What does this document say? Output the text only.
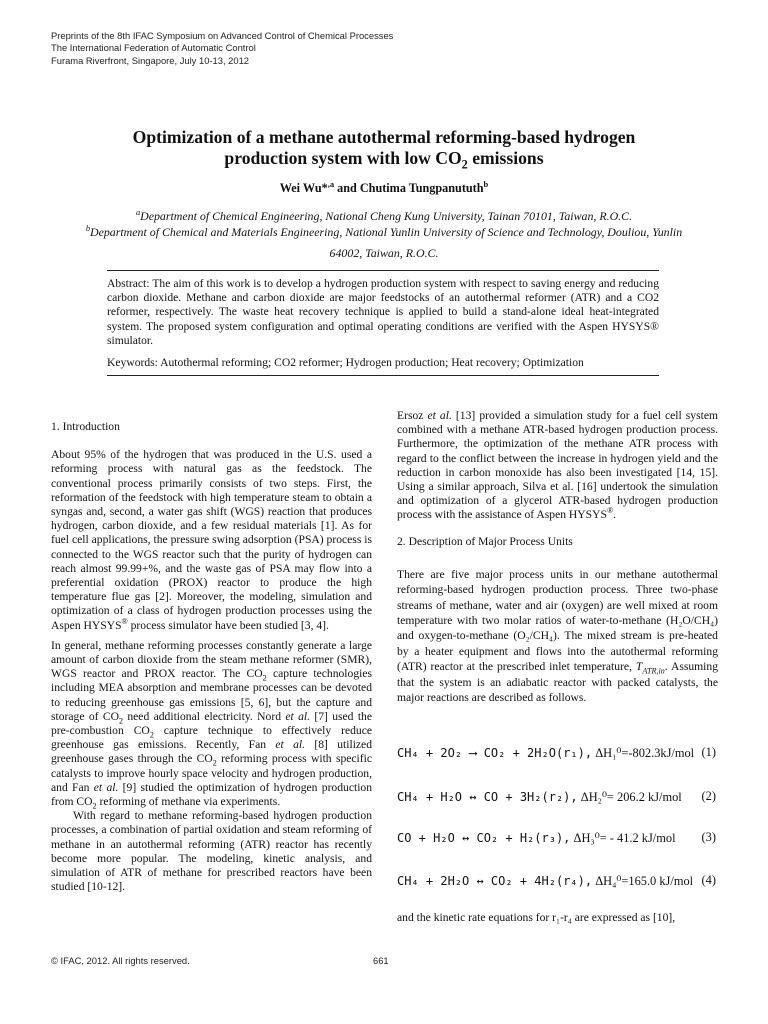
Preprints of the 8th IFAC Symposium on Advanced Control of Chemical Processes
The International Federation of Automatic Control
Furama Riverfront, Singapore, July 10-13, 2012
Optimization of a methane autothermal reforming-based hydrogen
production system with low $CO_2$ emissions
Wei Wu*$^{,a}$ and Chutima Tungpanututh$^b$
$^a$Department of Chemical Engineering, National Cheng Kung University, Tainan 70101, Taiwan, R.O.C.
$^b$Department of Chemical and Materials Engineering, National Yunlin University of Science and Technology, Douliou, Yunlin
64002, Taiwan, R.O.C.

Abstract: The aim of this work is to develop a hydrogen production system with respect to saving energy and reducing carbon dioxide. Methane and carbon dioxide are major feedstocks of an autothermal reformer (ATR) and a CO2 reformer, respectively. The waste heat recovery technique is applied to build a stand-alone ideal heat-integrated system. The proposed system configuration and optimal operating conditions are verified with the Aspen HYSYS® simulator.

Keywords: Autothermal reforming; CO2 reformer; Hydrogen production; Heat recovery; Optimization

1. Introduction

About 95% of the hydrogen that was produced in the U.S. used a reforming process with natural gas as the feedstock. The conventional process primarily consists of two steps. First, the reformation of the feedstock with high temperature steam to obtain a syngas and, second, a water gas shift (WGS) reaction that produces hydrogen, carbon dioxide, and a few residual materials [1]. As for fuel cell applications, the pressure swing adsorption (PSA) process is connected to the WGS reactor such that the purity of hydrogen can reach almost 99.99+%, and the waste gas of PSA may flow into a preferential oxidation (PROX) reactor to produce the high temperature flue gas [2]. Moreover, the modeling, simulation and optimization of a class of hydrogen production processes using the Aspen HYSYS® process simulator have been studied [3, 4].

In general, methane reforming processes constantly generate a large amount of carbon dioxide from the steam methane reformer (SMR), WGS reactor and PROX reactor. The $CO_2$ capture technologies including MEA absorption and membrane processes can be devoted to reducing greenhouse gas emissions [5, 6], but the capture and storage of $CO_2$ need additional electricity. Nord et al. [7] used the pre-combustion $CO_2$ capture technique to effectively reduce greenhouse gas emissions. Recently, Fan et al. [8] utilized greenhouse gases through the $CO_2$ reforming process with specific catalysts to improve hourly space velocity and hydrogen production, and Fan et al. [9] studied the optimization of hydrogen production from $CO_2$ reforming of methane via experiments.

With regard to methane reforming-based hydrogen production processes, a combination of partial oxidation and steam reforming of methane in an autothermal reforming (ATR) reactor has recently become more popular. The modeling, kinetic analysis, and simulation of ATR of methane for prescribed reactors have been studied [10-12].

Ersoz et al. [13] provided a simulation study for a fuel cell system combined with a methane ATR-based hydrogen production process. Furthermore, the optimization of the methane ATR process with regard to the conflict between the increase in hydrogen yield and the reduction in carbon monoxide has also been investigated [14, 15]. Using a similar approach, Silva et al. [16] undertook the simulation and optimization of a glycerol ATR-based hydrogen production process with the assistance of Aspen HYSYS®.

2. Description of Major Process Units

There are five major process units in our methane autothermal reforming-based hydrogen production process. Three two-phase streams of methane, water and air (oxygen) are well mixed at room temperature with two molar ratios of water-to-methane (H₂O/CH₄) and oxygen-to-methane (O₂/CH₄). The mixed stream is pre-heated by a heater equipment and flows into the autothermal reforming (ATR) reactor at the prescribed inlet temperature, $T_{ATR,in}$. Assuming that the system is an adiabatic reactor with packed catalysts, the major reactions are described as follows.

CH₄ + 2O₂ ⟶ CO₂ + 2H₂O(r₁), ΔH₁⁰=-802.3kJ/mol (1)
CH₄ + H₂O ↔ CO + 3H₂(r₂), ΔH₂⁰= 206.2 kJ/mol (2)
CO + H₂O ↔ CO₂ + H₂(r₃), ΔH₃⁰= - 41.2 kJ/mol (3)
CH₄ + 2H₂O ↔ CO₂ + 4H₂(r₄), ΔH₄⁰=165.0 kJ/mol (4)

and the kinetic rate equations for r₁-r₄ are expressed as [10],

© IFAC, 2012. All rights reserved.	661
